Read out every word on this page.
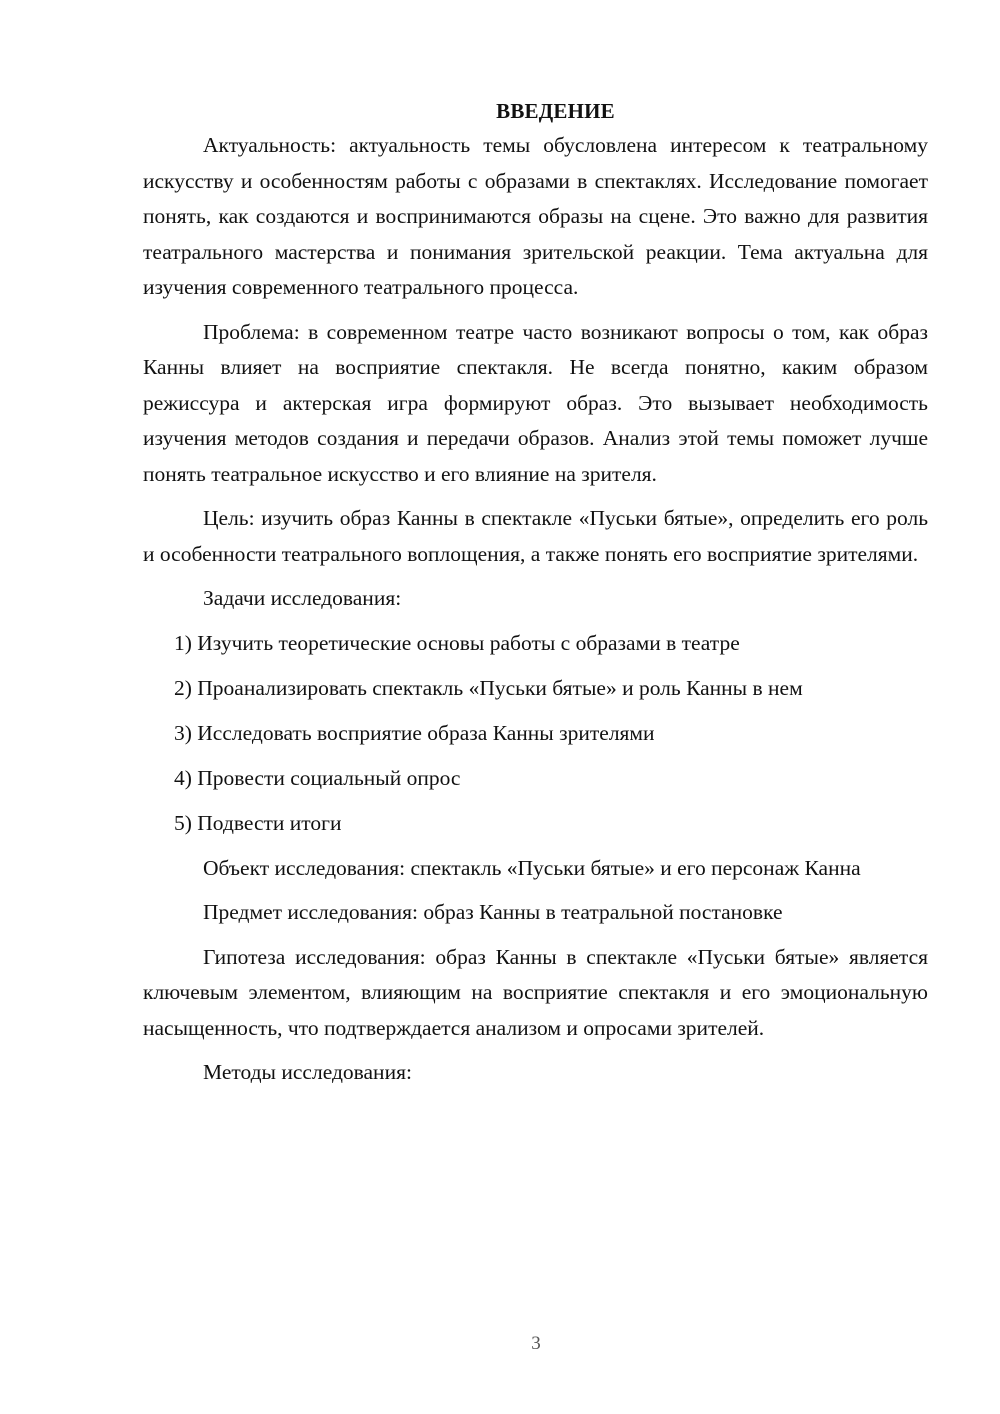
ВВЕДЕНИЕ

Актуальность: актуальность темы обусловлена интересом к театральному искусству и особенностям работы с образами в спектаклях. Исследование помогает понять, как создаются и воспринимаются образы на сцене. Это важно для развития театрального мастерства и понимания зрительской реакции. Тема актуальна для изучения современного театрального процесса.

Проблема: в современном театре часто возникают вопросы о том, как образ Канны влияет на восприятие спектакля. Не всегда понятно, каким образом режиссура и актерская игра формируют образ. Это вызывает необходимость изучения методов создания и передачи образов. Анализ этой темы поможет лучше понять театральное искусство и его влияние на зрителя.

Цель: изучить образ Канны в спектакле «Пуськи бятые», определить его роль и особенности театрального воплощения, а также понять его восприятие зрителями.

Задачи исследования:

1) Изучить теоретические основы работы с образами в театре
2) Проанализировать спектакль «Пуськи бятые» и роль Канны в нем
3) Исследовать восприятие образа Канны зрителями
4) Провести социальный опрос
5) Подвести итоги

Объект исследования: спектакль «Пуськи бятые» и его персонаж Канна

Предмет исследования: образ Канны в театральной постановке

Гипотеза исследования: образ Канны в спектакле «Пуськи бятые» является ключевым элементом, влияющим на восприятие спектакля и его эмоциональную насыщенность, что подтверждается анализом и опросами зрителей.

Методы исследования:

3
